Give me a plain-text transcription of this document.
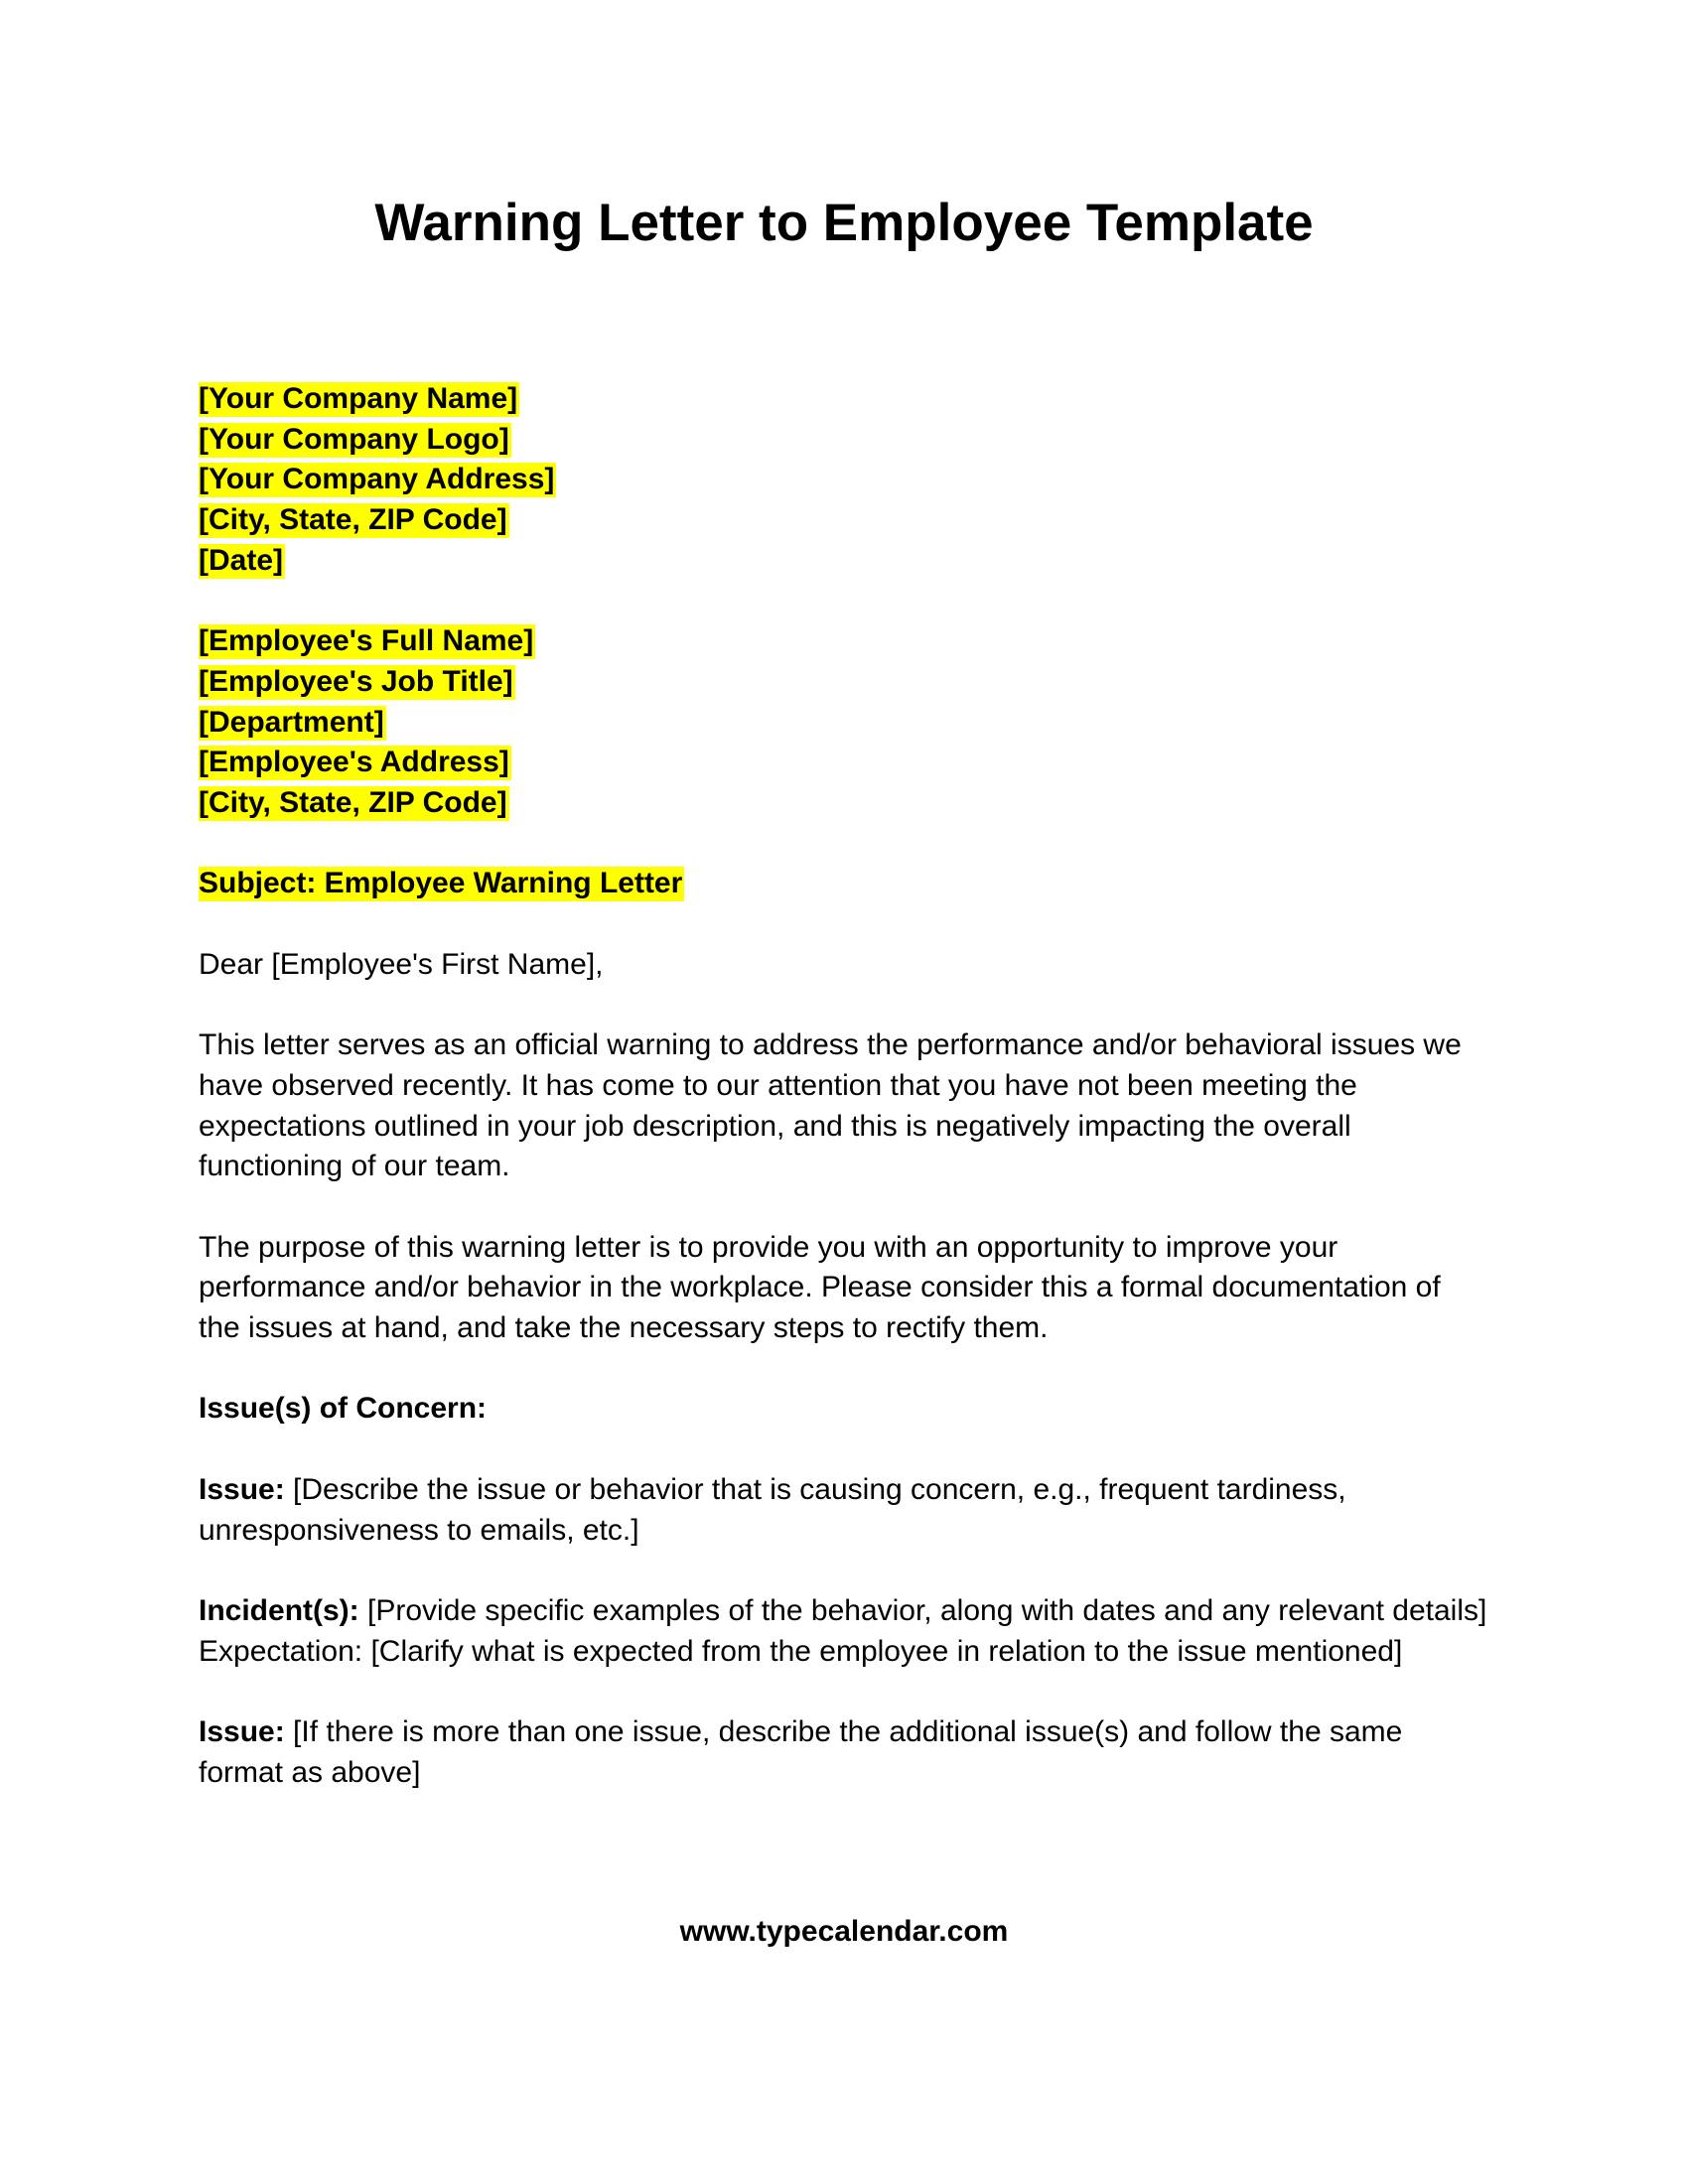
Warning Letter to Employee Template
[Your Company Name]
[Your Company Logo]
[Your Company Address]
[City, State, ZIP Code]
[Date]
[Employee's Full Name]
[Employee's Job Title]
[Department]
[Employee's Address]
[City, State, ZIP Code]
Subject: Employee Warning Letter

Dear [Employee's First Name],

This letter serves as an official warning to address the performance and/or behavioral issues we have observed recently. It has come to our attention that you have not been meeting the expectations outlined in your job description, and this is negatively impacting the overall functioning of our team.

The purpose of this warning letter is to provide you with an opportunity to improve your performance and/or behavior in the workplace. Please consider this a formal documentation of the issues at hand, and take the necessary steps to rectify them.

Issue(s) of Concern:

Issue: [Describe the issue or behavior that is causing concern, e.g., frequent tardiness, unresponsiveness to emails, etc.]

Incident(s): [Provide specific examples of the behavior, along with dates and any relevant details]
Expectation: [Clarify what is expected from the employee in relation to the issue mentioned]

Issue: [If there is more than one issue, describe the additional issue(s) and follow the same format as above]

www.typecalendar.com
